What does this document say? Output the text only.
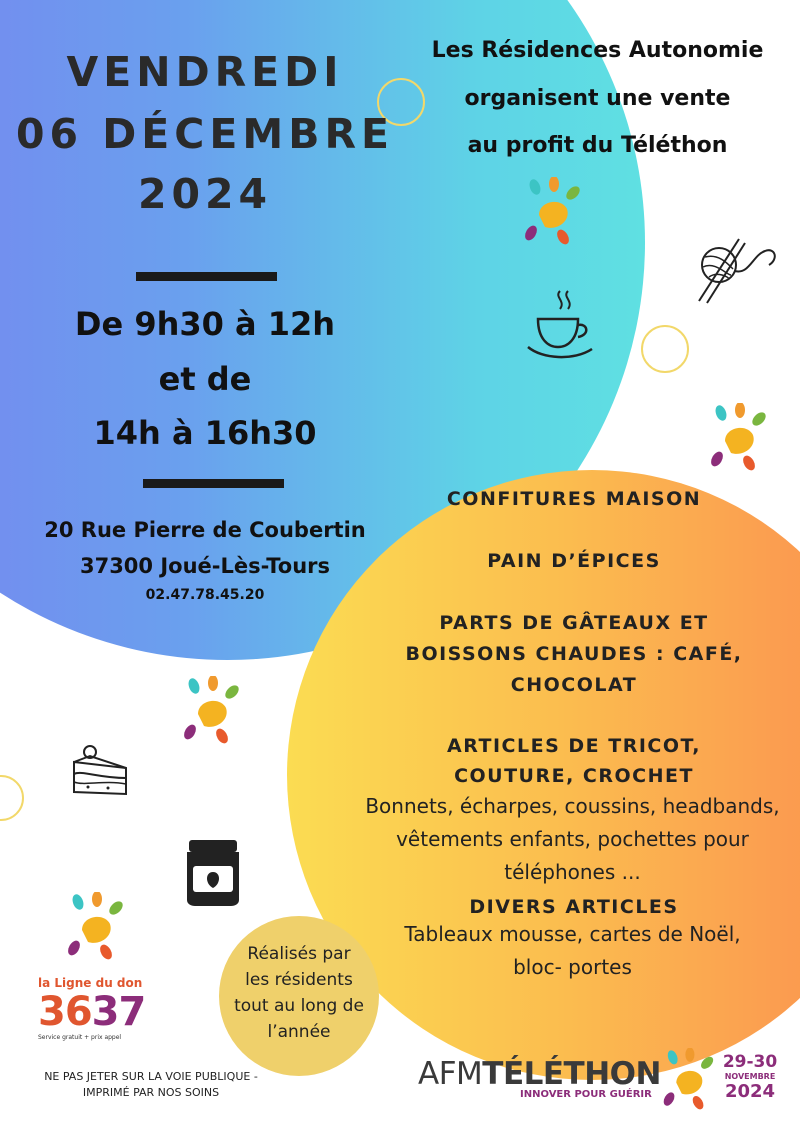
VENDREDI
06 DÉCEMBRE
2024
De 9h30 à 12h
et de
14h à 16h30
20 Rue Pierre de Coubertin
37300 Joué-Lès-Tours
02.47.78.45.20
Les Résidences Autonomie
organisent une vente
au profit du Téléthon
CONFITURES MAISON
PAIN D’ÉPICES
PARTS DE GÂTEAUX ET
BOISSONS CHAUDES : CAFÉ,
CHOCOLAT
ARTICLES DE TRICOT,
COUTURE, CROCHET
Bonnets, écharpes, coussins, headbands,
vêtements enfants, pochettes pour
téléphones ...
DIVERS ARTICLES
Tableaux mousse, cartes de Noël,
bloc- portes
Réalisés par
les résidents
tout au long de
l’année
la Ligne du don
3637
Service gratuit + prix appel
NE PAS JETER SUR LA VOIE PUBLIQUE -
IMPRIMÉ PAR NOS SOINS
AFMTÉLÉTHON
INNOVER POUR GUÉRIR
29-30
NOVEMBRE
2024
